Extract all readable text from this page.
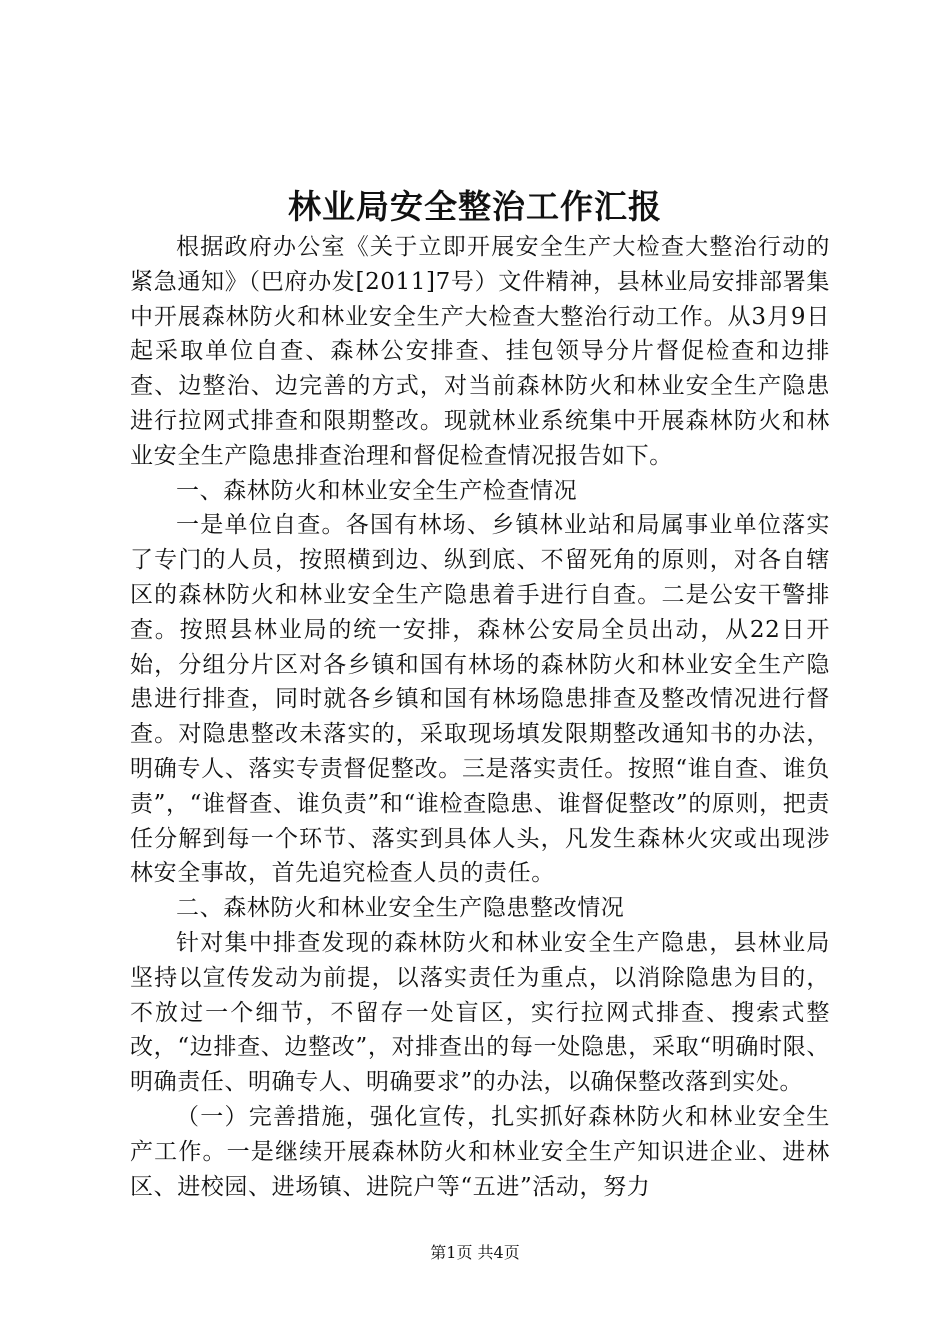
林业局安全整治工作汇报

根据政府办公室《关于立即开展安全生产大检查大整治行动的紧急通知》（巴府办发[2011]7号）文件精神，县林业局安排部署集中开展森林防火和林业安全生产大检查大整治行动工作。从3月9日起采取单位自查、森林公安排查、挂包领导分片督促检查和边排查、边整治、边完善的方式，对当前森林防火和林业安全生产隐患进行拉网式排查和限期整改。现就林业系统集中开展森林防火和林业安全生产隐患排查治理和督促检查情况报告如下。

一、森林防火和林业安全生产检查情况

一是单位自查。各国有林场、乡镇林业站和局属事业单位落实了专门的人员，按照横到边、纵到底、不留死角的原则，对各自辖区的森林防火和林业安全生产隐患着手进行自查。二是公安干警排查。按照县林业局的统一安排，森林公安局全员出动，从22日开始，分组分片区对各乡镇和国有林场的森林防火和林业安全生产隐患进行排查，同时就各乡镇和国有林场隐患排查及整改情况进行督查。对隐患整改未落实的，采取现场填发限期整改通知书的办法，明确专人、落实专责督促整改。三是落实责任。按照“谁自查、谁负责”，“谁督查、谁负责”和“谁检查隐患、谁督促整改”的原则，把责任分解到每一个环节、落实到具体人头，凡发生森林火灾或出现涉林安全事故，首先追究检查人员的责任。

二、森林防火和林业安全生产隐患整改情况

针对集中排查发现的森林防火和林业安全生产隐患，县林业局坚持以宣传发动为前提，以落实责任为重点，以消除隐患为目的，不放过一个细节，不留存一处盲区，实行拉网式排查、搜索式整改，“边排查、边整改”，对排查出的每一处隐患，采取“明确时限、明确责任、明确专人、明确要求”的办法，以确保整改落到实处。

（一）完善措施，强化宣传，扎实抓好森林防火和林业安全生产工作。一是继续开展森林防火和林业安全生产知识进企业、进林区、进校园、进场镇、进院户等“五进”活动，努力

第1页 共4页
